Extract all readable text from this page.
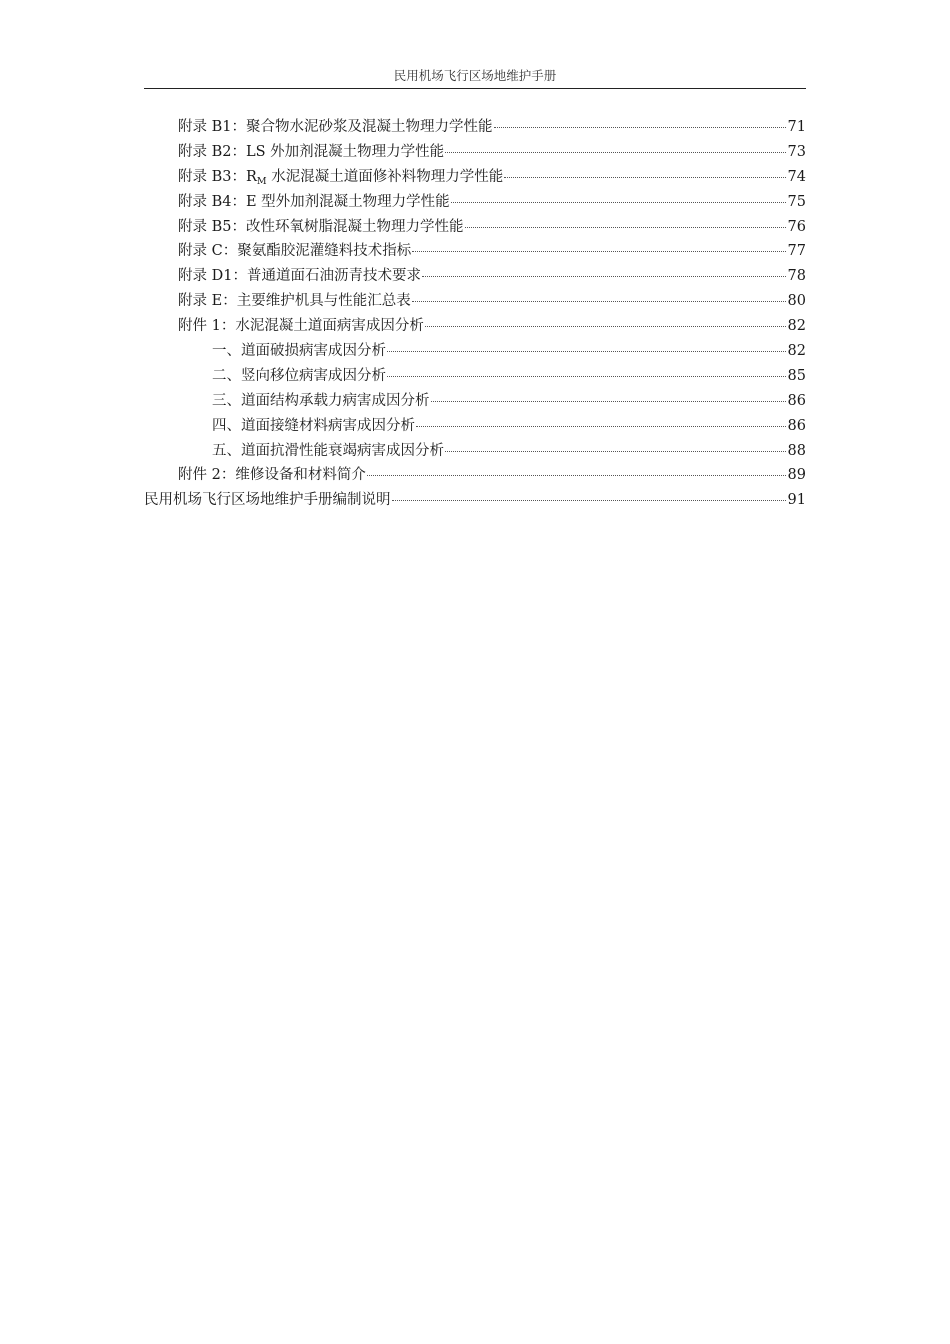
民用机场飞行区场地维护手册
附录 B1：聚合物水泥砂浆及混凝土物理力学性能	71
附录 B2：LS 外加剂混凝土物理力学性能	73
附录 B3：$R_M$ 水泥混凝土道面修补料物理力学性能	74
附录 B4：E 型外加剂混凝土物理力学性能	75
附录 B5：改性环氧树脂混凝土物理力学性能	76
附录 C：聚氨酯胶泥灌缝料技术指标	77
附录 D1：普通道面石油沥青技术要求	78
附录 E：主要维护机具与性能汇总表	80
附件 1：水泥混凝土道面病害成因分析	82
一、道面破损病害成因分析	82
二、竖向移位病害成因分析	85
三、道面结构承载力病害成因分析	86
四、道面接缝材料病害成因分析	86
五、道面抗滑性能衰竭病害成因分析	88
附件 2：维修设备和材料简介	89
民用机场飞行区场地维护手册编制说明	91
